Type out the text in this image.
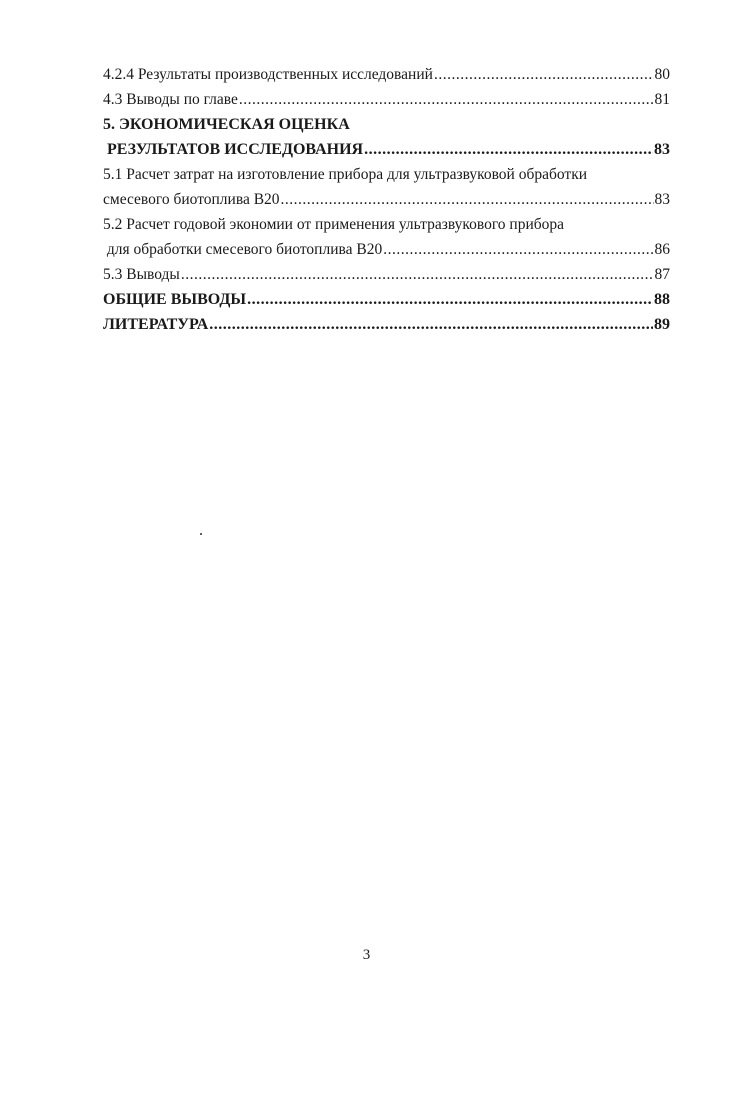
4.2.4 Результаты производственных исследований .....	80
4.3 Выводы по главе .....	81
5. ЭКОНОМИЧЕСКАЯ ОЦЕНКА
РЕЗУЛЬТАТОВ ИССЛЕДОВАНИЯ .....	83
5.1 Расчет затрат на изготовление прибора для ультразвуковой обработки
смесевого биотоплива В20 .....	83
5.2 Расчет годовой экономии от применения ультразвукового прибора
для обработки смесевого биотоплива В20 .....	86
5.3 Выводы .....	87
ОБЩИЕ ВЫВОДЫ .....	88
ЛИТЕРАТУРА .....	89
3
